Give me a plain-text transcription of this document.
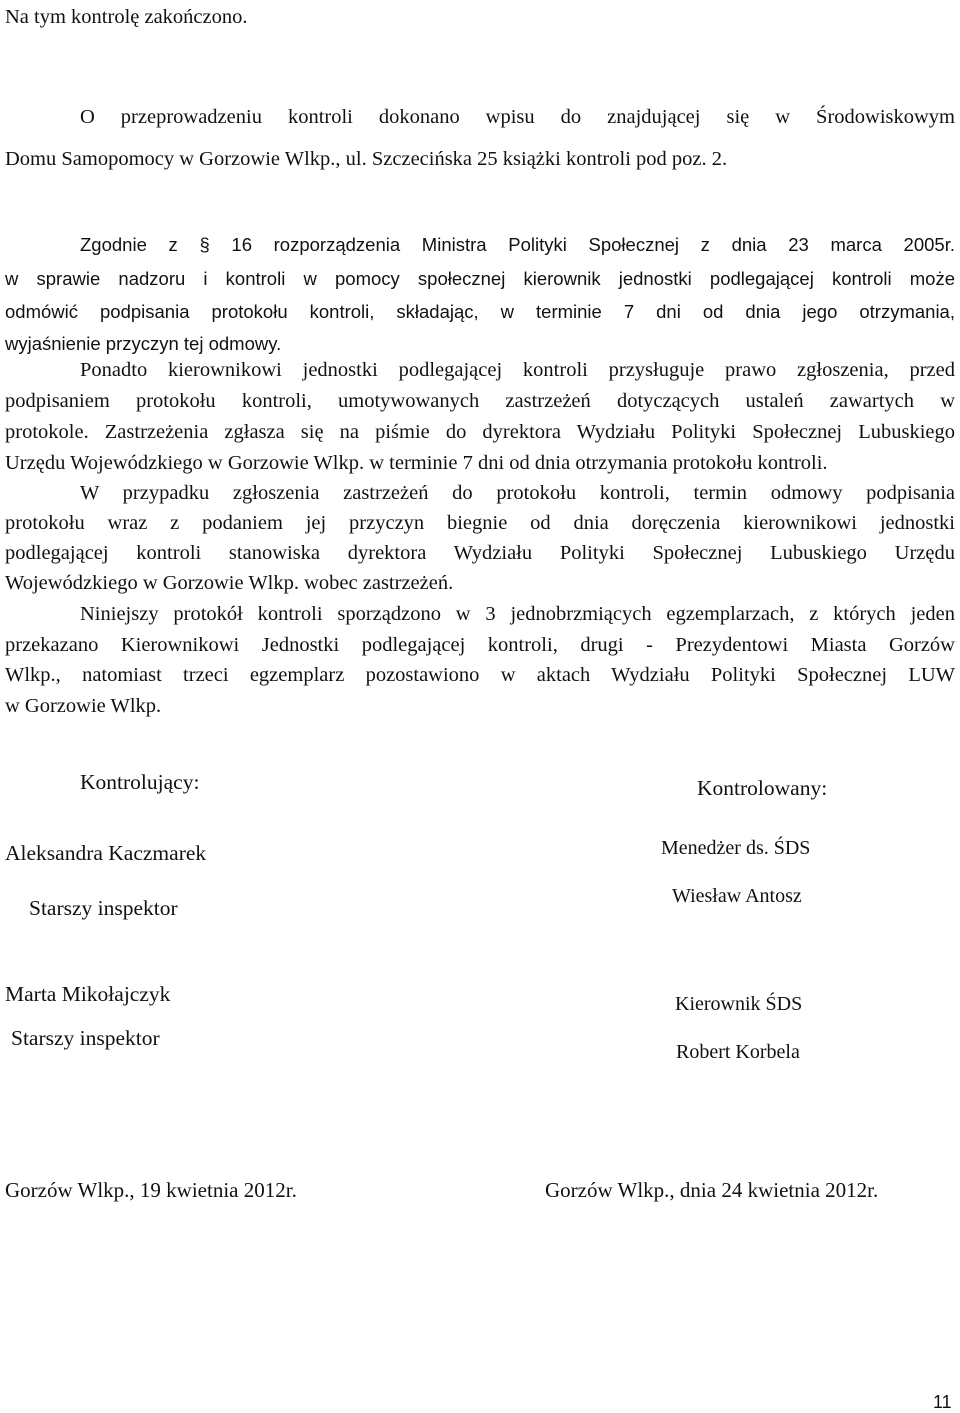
Na tym kontrolę zakończono.
O przeprowadzeniu kontroli dokonano wpisu do znajdującej się w Środowiskowym
Domu Samopomocy w Gorzowie Wlkp., ul. Szczecińska 25 książki kontroli pod poz. 2.
Zgodnie z § 16 rozporządzenia Ministra Polityki Społecznej z dnia 23 marca 2005r.
w sprawie nadzoru i kontroli w pomocy społecznej kierownik jednostki podlegającej kontroli może
odmówić podpisania protokołu kontroli, składając, w terminie 7 dni od dnia jego otrzymania,
wyjaśnienie przyczyn tej odmowy.
Ponadto kierownikowi jednostki podlegającej kontroli przysługuje prawo zgłoszenia, przed
podpisaniem protokołu kontroli, umotywowanych zastrzeżeń dotyczących ustaleń zawartych w
protokole. Zastrzeżenia zgłasza się na piśmie do dyrektora Wydziału Polityki Społecznej Lubuskiego
Urzędu Wojewódzkiego w Gorzowie Wlkp. w terminie 7 dni od dnia otrzymania protokołu kontroli.
W przypadku zgłoszenia zastrzeżeń do protokołu kontroli, termin odmowy podpisania
protokołu wraz z podaniem jej przyczyn biegnie od dnia doręczenia kierownikowi jednostki
podlegającej kontroli stanowiska dyrektora Wydziału Polityki Społecznej Lubuskiego Urzędu
Wojewódzkiego w Gorzowie Wlkp. wobec zastrzeżeń.
Niniejszy protokół kontroli sporządzono w 3 jednobrzmiących egzemplarzach, z których jeden
przekazano Kierownikowi Jednostki podlegającej kontroli, drugi - Prezydentowi Miasta Gorzów
Wlkp., natomiast trzeci egzemplarz pozostawiono w aktach Wydziału Polityki Społecznej LUW
w Gorzowie Wlkp.
Kontrolujący:	Kontrolowany:
Aleksandra Kaczmarek
Starszy inspektor
Menedżer ds. ŚDS
Wiesław Antosz
Marta Mikołajczyk
Starszy inspektor
Kierownik ŚDS
Robert Korbela
Gorzów Wlkp., 19 kwietnia 2012r.	Gorzów Wlkp., dnia 24 kwietnia 2012r.
11
